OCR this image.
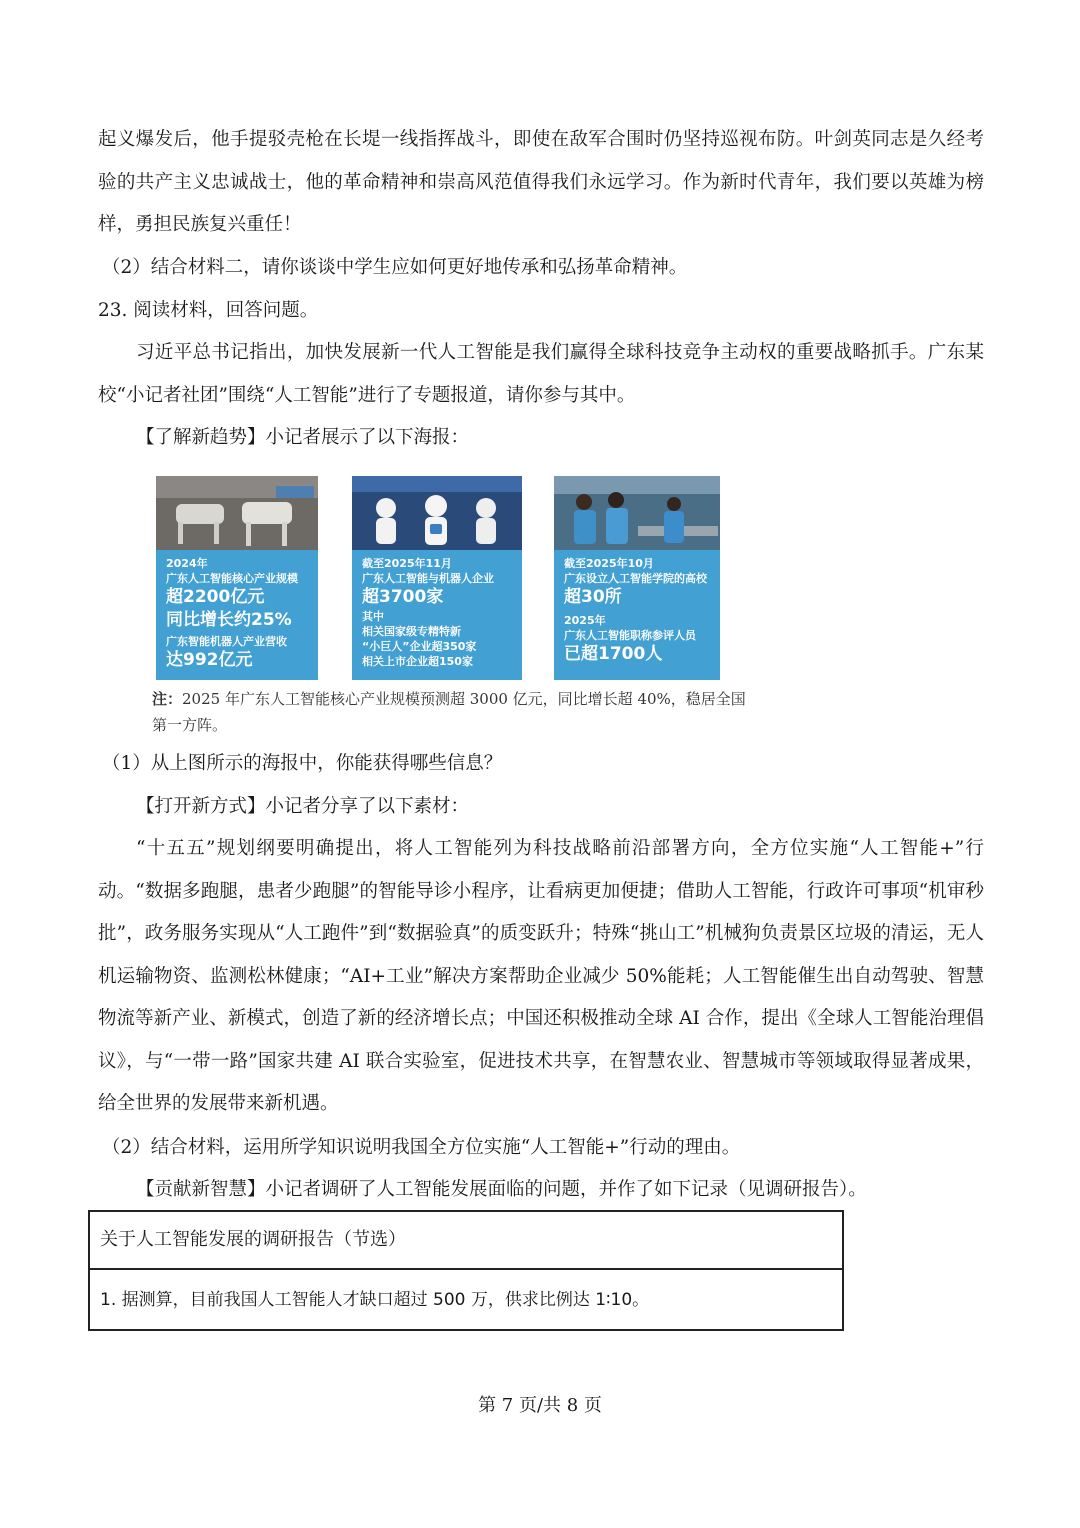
起义爆发后，他手提驳壳枪在长堤一线指挥战斗，即使在敌军合围时仍坚持巡视布防。叶剑英同志是久经考验的共产主义忠诚战士，他的革命精神和崇高风范值得我们永远学习。作为新时代青年，我们要以英雄为榜样，勇担民族复兴重任！

（2）结合材料二，请你谈谈中学生应如何更好地传承和弘扬革命精神。

23. 阅读材料，回答问题。

习近平总书记指出，加快发展新一代人工智能是我们赢得全球科技竞争主动权的重要战略抓手。广东某校“小记者社团”围绕“人工智能”进行了专题报道，请你参与其中。

【了解新趋势】小记者展示了以下海报：

2024年
广东人工智能核心产业规模
超2200亿元
同比增长约25%
广东智能机器人产业营收
达992亿元
截至2025年11月
广东人工智能与机器人企业
超3700家
其中
相关国家级专精特新
“小巨人”企业超350家
相关上市企业超150家
截至2025年10月
广东设立人工智能学院的高校
超30所
2025年
广东人工智能职称参评人员
已超1700人
注：2025 年广东人工智能核心产业规模预测超 3000 亿元，同比增长超 40%，稳居全国第一方阵。

（1）从上图所示的海报中，你能获得哪些信息？

【打开新方式】小记者分享了以下素材：

“十五五”规划纲要明确提出，将人工智能列为科技战略前沿部署方向，全方位实施“人工智能+”行动。“数据多跑腿，患者少跑腿”的智能导诊小程序，让看病更加便捷；借助人工智能，行政许可事项“机审秒批”，政务服务实现从“人工跑件”到“数据验真”的质变跃升；特殊“挑山工”机械狗负责景区垃圾的清运，无人机运输物资、监测松林健康；“AI+工业”解决方案帮助企业减少 50%能耗；人工智能催生出自动驾驶、智慧物流等新产业、新模式，创造了新的经济增长点；中国还积极推动全球 AI 合作，提出《全球人工智能治理倡议》，与“一带一路”国家共建 AI 联合实验室，促进技术共享，在智慧农业、智慧城市等领域取得显著成果，给全世界的发展带来新机遇。

（2）结合材料，运用所学知识说明我国全方位实施“人工智能+”行动的理由。

【贡献新智慧】小记者调研了人工智能发展面临的问题，并作了如下记录（见调研报告）。

关于人工智能发展的调研报告（节选）
1. 据测算，目前我国人工智能人才缺口超过 500 万，供求比例达 1∶10。
第 7 页/共 8 页
